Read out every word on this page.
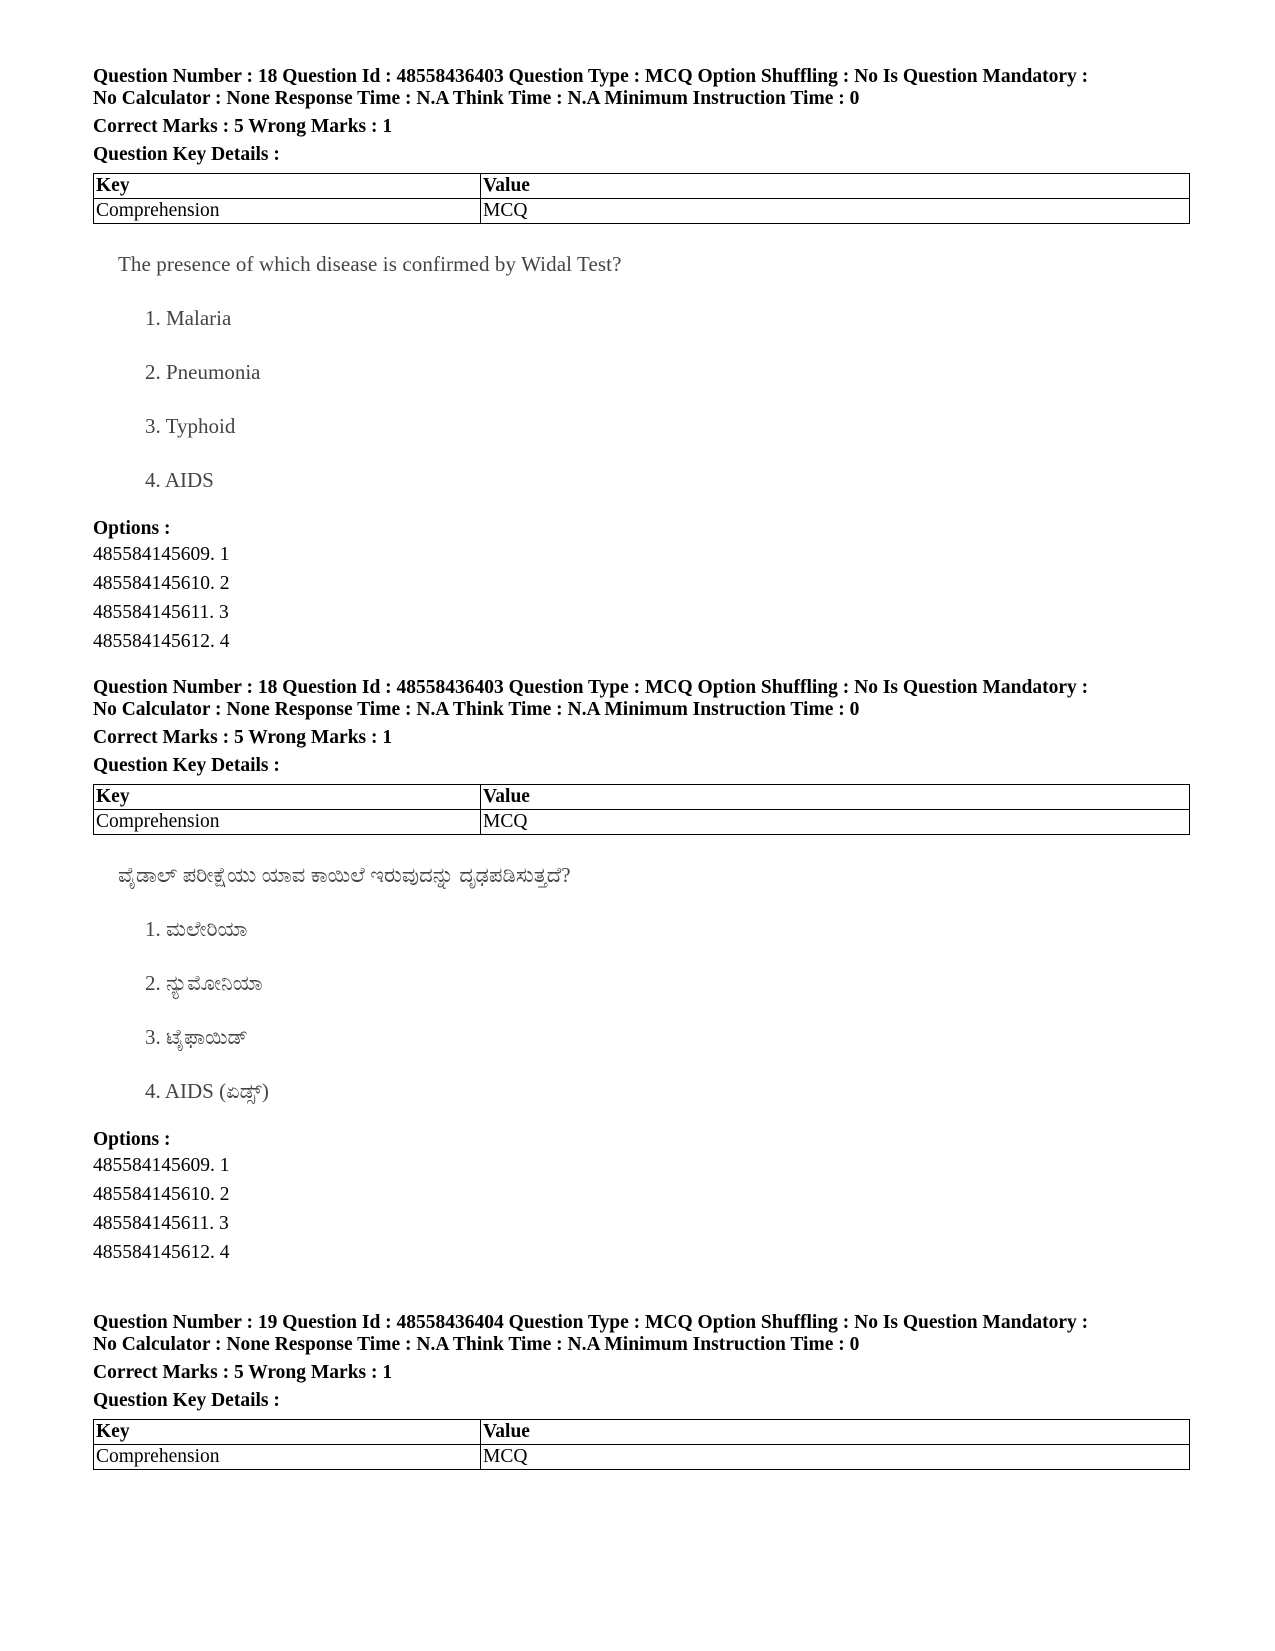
Question Number : 18 Question Id : 48558436403 Question Type : MCQ Option Shuffling : No Is Question Mandatory :
No Calculator : None Response Time : N.A Think Time : N.A Minimum Instruction Time : 0
Correct Marks : 5 Wrong Marks : 1
Question Key Details :
Key	Value
Comprehension	MCQ
The presence of which disease is confirmed by Widal Test?
1. Malaria
2. Pneumonia
3. Typhoid
4. AIDS
Options :
485584145609. 1
485584145610. 2
485584145611. 3
485584145612. 4
Question Number : 18 Question Id : 48558436403 Question Type : MCQ Option Shuffling : No Is Question Mandatory :
No Calculator : None Response Time : N.A Think Time : N.A Minimum Instruction Time : 0
Correct Marks : 5 Wrong Marks : 1
Question Key Details :
Key	Value
Comprehension	MCQ
ವೈಡಾಲ್ ಪರೀಕ್ಷೆಯು ಯಾವ ಕಾಯಿಲೆ ಇರುವುದನ್ನು ದೃಢಪಡಿಸುತ್ತದೆ?
1. ಮಲೇರಿಯಾ
2. ನ್ಯುಮೋನಿಯಾ
3. ಟೈಫಾಯಿಡ್
4. AIDS (ಏಡ್ಸ್)
Options :
485584145609. 1
485584145610. 2
485584145611. 3
485584145612. 4
Question Number : 19 Question Id : 48558436404 Question Type : MCQ Option Shuffling : No Is Question Mandatory :
No Calculator : None Response Time : N.A Think Time : N.A Minimum Instruction Time : 0
Correct Marks : 5 Wrong Marks : 1
Question Key Details :
Key	Value
Comprehension	MCQ
